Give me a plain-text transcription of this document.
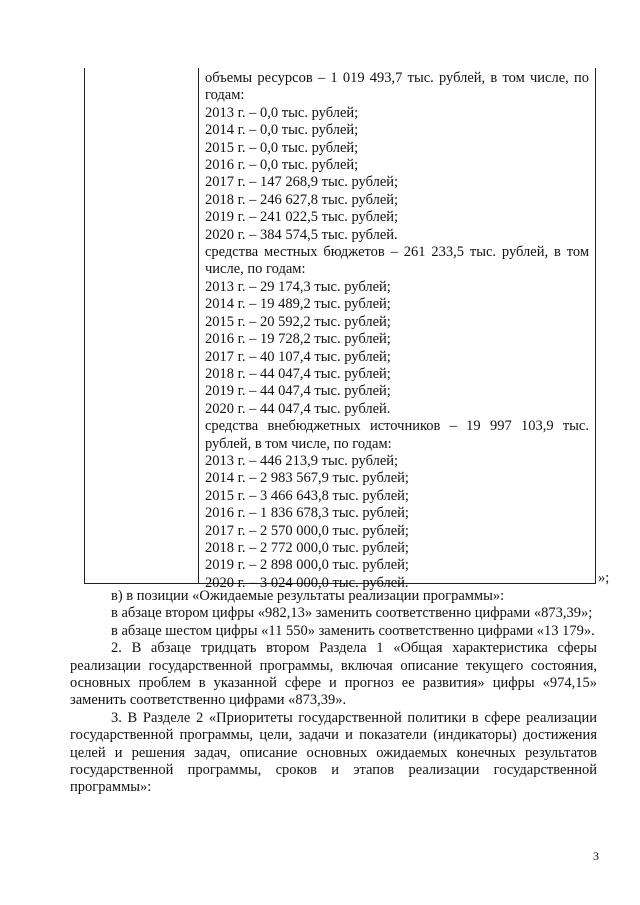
объемы ресурсов – 1 019 493,7 тыс. рублей, в том числе, по
годам:
2013 г. – 0,0 тыс. рублей;
2014 г. – 0,0 тыс. рублей;
2015 г. – 0,0 тыс. рублей;
2016 г. – 0,0 тыс. рублей;
2017 г. – 147 268,9 тыс. рублей;
2018 г. – 246 627,8 тыс. рублей;
2019 г. – 241 022,5 тыс. рублей;
2020 г. – 384 574,5 тыс. рублей.
средства местных бюджетов – 261 233,5 тыс. рублей, в том
числе, по годам:
2013 г. – 29 174,3 тыс. рублей;
2014 г. – 19 489,2 тыс. рублей;
2015 г. – 20 592,2 тыс. рублей;
2016 г. – 19 728,2 тыс. рублей;
2017 г. – 40 107,4 тыс. рублей;
2018 г. – 44 047,4 тыс. рублей;
2019 г. – 44 047,4 тыс. рублей;
2020 г. – 44 047,4 тыс. рублей.
средства внебюджетных источников – 19 997 103,9 тыс.
рублей, в том числе, по годам:
2013 г. – 446 213,9 тыс. рублей;
2014 г. – 2 983 567,9 тыс. рублей;
2015 г. – 3 466 643,8 тыс. рублей;
2016 г. – 1 836 678,3 тыс. рублей;
2017 г. – 2 570 000,0 тыс. рублей;
2018 г. – 2 772 000,0 тыс. рублей;
2019 г. – 2 898 000,0 тыс. рублей;
2020 г. – 3 024 000,0 тыс. рублей.	»;

в) в позиции «Ожидаемые результаты реализации программы»:

в абзаце втором цифры «982,13» заменить соответственно цифрами «873,39»;

в абзаце шестом цифры «11 550» заменить соответственно цифрами «13 179».

2. В абзаце тридцать втором Раздела 1 «Общая характеристика сферы реализации государственной программы, включая описание текущего состояния, основных проблем в указанной сфере и прогноз ее развития» цифры «974,15» заменить соответственно цифрами «873,39».

3. В Разделе 2 «Приоритеты государственной политики в сфере реализации государственной программы, цели, задачи и показатели (индикаторы) достижения целей и решения задач, описание основных ожидаемых конечных результатов государственной программы, сроков и этапов реализации государственной программы»:

3
